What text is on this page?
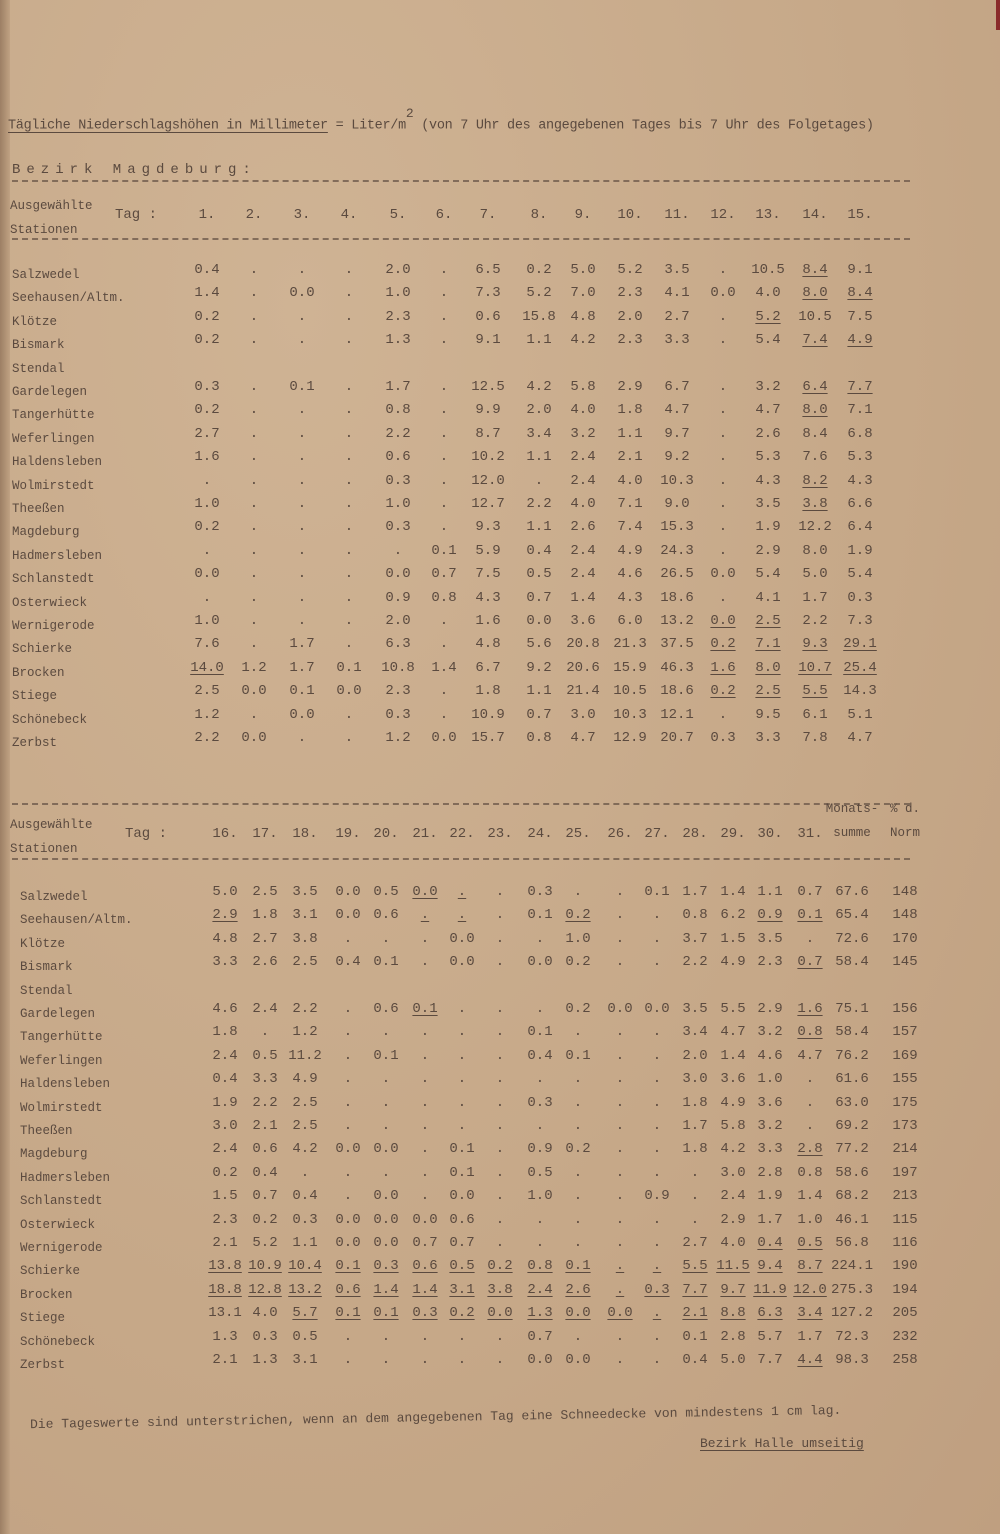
Tägliche Niederschlagshöhen in Millimeter = Liter/$m^2$ (von 7 Uhr des angegebenen Tages bis 7 Uhr des Folgetages)
Bezirk Magdeburg:
Ausgewählte
Stationen
Tag :	1. 2. 3. 4. 5. 6. 7. 8. 9. 10. 11. 12. 13. 14. 15.
Salzwedel	0.4 .	.	. 2.0 . 6.5 0.2 5.0 5.2 3.5 . 10.5 8.4 9.1
Seehausen/Altm.	1.4 . 0.0 . 1.0 . 7.3 5.2 7.0 2.3 4.1 0.0 4.0 8.0 8.4
Klötze	0.2 .	.	. 2.3 . 0.6 15.8 4.8 2.0 2.7 . 5.2 10.5 7.5
Bismark	0.2 .	.	. 1.3 . 9.1 1.1 4.2 2.3 3.3 . 5.4 7.4 4.9
Stendal
Gardelegen	0.3 . 0.1 . 1.7 . 12.5 4.2 5.8 2.9 6.7 . 3.2 6.4 7.7
Tangerhütte	0.2 .	.	. 0.8 . 9.9 2.0 4.0 1.8 4.7 . 4.7 8.0 7.1
Weferlingen	2.7 .	.	. 2.2 . 8.7 3.4 3.2 1.1 9.7 . 2.6 8.4 6.8
Haldensleben	1.6 .	.	. 0.6 . 10.2 1.1 2.4 2.1 9.2 . 5.3 7.6 5.3
Wolmirstedt	.	.	.	. 0.3 . 12.0 . 2.4 4.0 10.3 . 4.3 8.2 4.3
Theeßen	1.0 .	.	. 1.0 . 12.7 2.2 4.0 7.1 9.0 . 3.5 3.8 6.6
Magdeburg	0.2 .	.	. 0.3 . 9.3 1.1 2.6 7.4 15.3 . 1.9 12.2 6.4
Hadmersleben	.	.	.	.	. 0.1 5.9 0.4 2.4 4.9 24.3 . 2.9 8.0 1.9
Schlanstedt	0.0 .	.	. 0.0 0.7 7.5 0.5 2.4 4.6 26.5 0.0 5.4 5.0 5.4
Osterwieck	.	.	.	. 0.9 0.8 4.3 0.7 1.4 4.3 18.6 . 4.1 1.7 0.3
Wernigerode	1.0 .	.	. 2.0 . 1.6 0.0 3.6 6.0 13.2 0.0 2.5 2.2 7.3
Schierke	7.6 . 1.7 . 6.3 . 4.8 5.6 20.8 21.3 37.5 0.2 7.1 9.3 29.1
Brocken	14.0 1.2 1.7 0.1 10.8 1.4 6.7 9.2 20.6 15.9 46.3 1.6 8.0 10.7 25.4
Stiege	2.5 0.0 0.1 0.0 2.3 . 1.8 1.1 21.4 10.5 18.6 0.2 2.5 5.5 14.3
Schönebeck	1.2 . 0.0 . 0.3 . 10.9 0.7 3.0 10.3 12.1 . 9.5 6.1 5.1
Zerbst	2.2 0.0 .	. 1.2 0.0 15.7 0.8 4.7 12.9 20.7 0.3 3.3 7.8 4.7
Ausgewählte
Stationen
Tag :	16. 17. 18. 19. 20. 21. 22. 23. 24. 25. 26. 27. 28. 29. 30. 31.
Monats-
summe
% d.
Norm
Salzwedel	5.0 2.5 3.5 0.0 0.5 0.0 . . 0.3 . . 0.1 1.7 1.4 1.1 0.7 67.6 148
Seehausen/Altm.	2.9 1.8 3.1 0.0 0.6 . . . 0.1 0.2 . . 0.8 6.2 0.9 0.1 65.4 148
Klötze	4.8 2.7 3.8 . . . 0.0 . . 1.0 . . 3.7 1.5 3.5 . 72.6 170
Bismark	3.3 2.6 2.5 0.4 0.1 . 0.0 . 0.0 0.2 . . 2.2 4.9 2.3 0.7 58.4 145
Stendal
Gardelegen	4.6 2.4 2.2 . 0.6 0.1 . . . 0.2 0.0 0.0 3.5 5.5 2.9 1.6 75.1 156
Tangerhütte	1.8 . 1.2 . . . . . 0.1 . . . 3.4 4.7 3.2 0.8 58.4 157
Weferlingen	2.4 0.5 11.2 . 0.1 . . . 0.4 0.1 . . 2.0 1.4 4.6 4.7 76.2 169
Haldensleben	0.4 3.3 4.9 . . . . . . . . . 3.0 3.6 1.0 . 61.6 155
Wolmirstedt	1.9 2.2 2.5 . . . . . 0.3 . . . 1.8 4.9 3.6 . 63.0 175
Theeßen	3.0 2.1 2.5 . . . . . . . . . 1.7 5.8 3.2 . 69.2 173
Magdeburg	2.4 0.6 4.2 0.0 0.0 . 0.1 . 0.9 0.2 . . 1.8 4.2 3.3 2.8 77.2 214
Hadmersleben	0.2 0.4 . . . . 0.1 . 0.5 . . . . 3.0 2.8 0.8 58.6 197
Schlanstedt	1.5 0.7 0.4 . 0.0 . 0.0 . 1.0 . . 0.9 . 2.4 1.9 1.4 68.2 213
Osterwieck	2.3 0.2 0.3 0.0 0.0 0.0 0.6 . . . . . . 2.9 1.7 1.0 46.1 115
Wernigerode	2.1 5.2 1.1 0.0 0.0 0.7 0.7 . . . . . 2.7 4.0 0.4 0.5 56.8 116
Schierke	13.8 10.9 10.4 0.1 0.3 0.6 0.5 0.2 0.8 0.1 . . 5.5 11.5 9.4 8.7 224.1 190
Brocken	18.8 12.8 13.2 0.6 1.4 1.4 3.1 3.8 2.4 2.6 . 0.3 7.7 9.7 11.9 12.0 275.3 194
Stiege	13.1 4.0 5.7 0.1 0.1 0.3 0.2 0.0 1.3 0.0 0.0 . 2.1 8.8 6.3 3.4 127.2 205
Schönebeck	1.3 0.3 0.5 . . . . . 0.7 . . . 0.1 2.8 5.7 1.7 72.3 232
Zerbst	2.1 1.3 3.1 . . . . . 0.0 0.0 . . 0.4 5.0 7.7 4.4 98.3 258
Die Tageswerte sind unterstrichen, wenn an dem angegebenen Tag eine Schneedecke von mindestens 1 cm lag.
Bezirk Halle umseitig
